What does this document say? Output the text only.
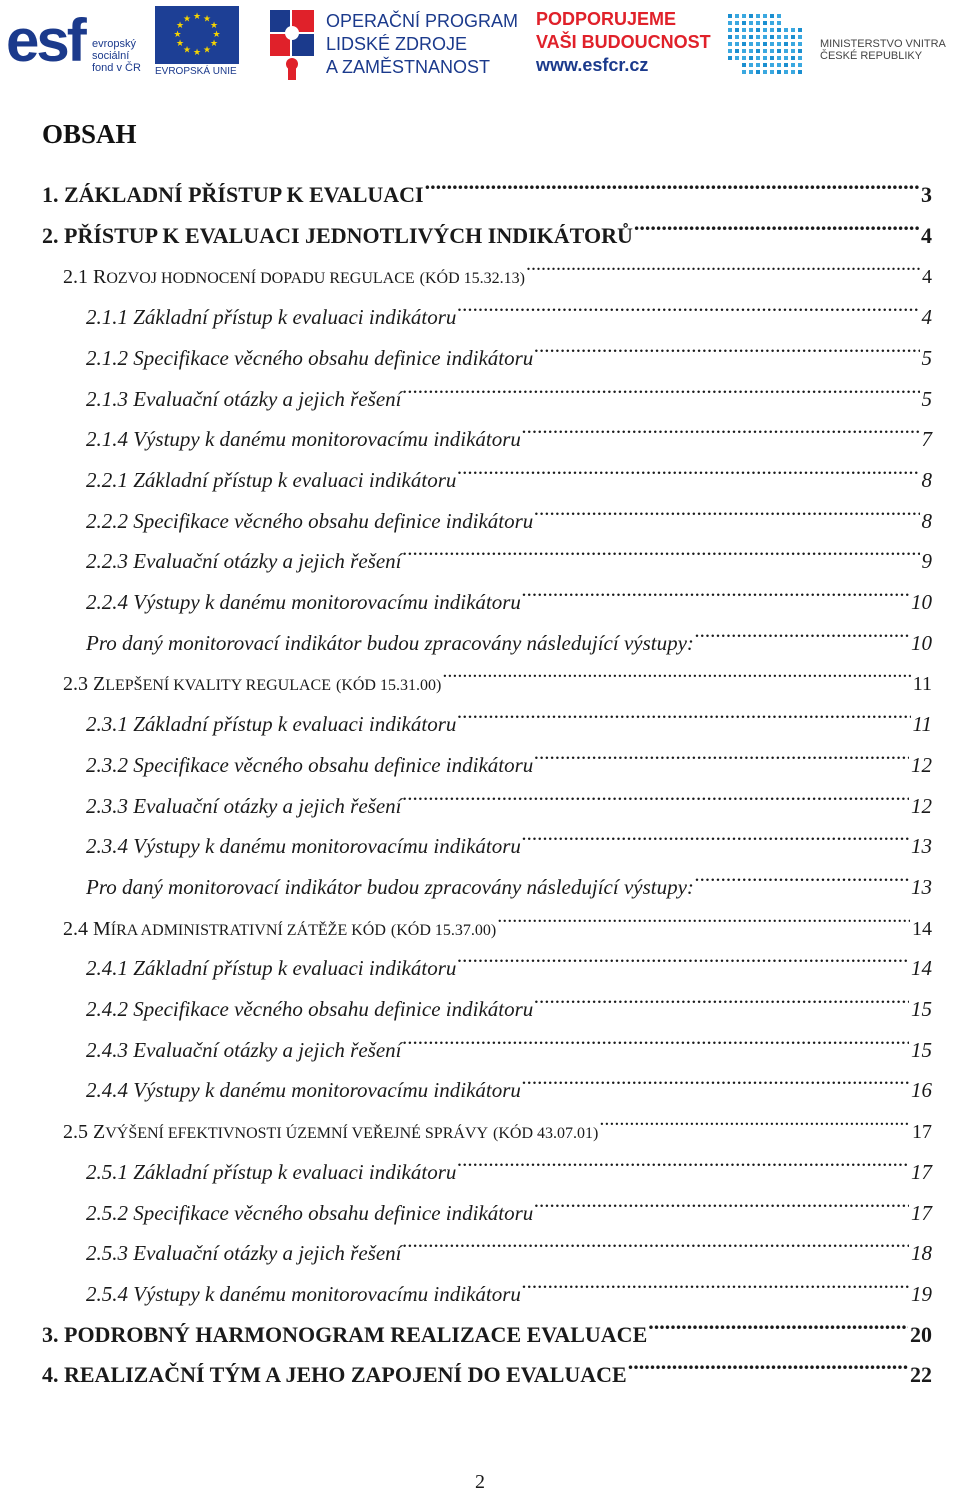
esf evropský
sociální
fond v ČR
★ ★
★
★
★
★
★
★
★
★
★
★
EVROPSKÁ UNIE
OPERAČNÍ PROGRAM
LIDSKÉ ZDROJE
A ZAMĚSTNANOST
PODPORUJEME
VAŠI BUDOUCNOST
www.esfcr.cz
MINISTERSTVO VNITRA
ČESKÉ REPUBLIKY
OBSAH
1. ZÁKLADNÍ PŘÍSTUP K EVALUACI .....	3
2. PŘÍSTUP K EVALUACI JEDNOTLIVÝCH INDIKÁTORŮ .....	4
2.1 ROZVOJ HODNOCENÍ DOPADU REGULACE (KÓD 15.32.13) .....	4
2.1.1 Základní přístup k evaluaci indikátoru .....	4
2.1.2 Specifikace věcného obsahu definice indikátoru .....	5
2.1.3 Evaluační otázky a jejich řešení .....	5
2.1.4 Výstupy k danému monitorovacímu indikátoru .....	7
2.2.1 Základní přístup k evaluaci indikátoru .....	8
2.2.2 Specifikace věcného obsahu definice indikátoru .....	8
2.2.3 Evaluační otázky a jejich řešení .....	9
2.2.4 Výstupy k danému monitorovacímu indikátoru .....	10
Pro daný monitorovací indikátor budou zpracovány následující výstupy: .....	10
2.3 ZLEPŠENÍ KVALITY REGULACE (KÓD 15.31.00) .....	11
2.3.1 Základní přístup k evaluaci indikátoru .....	11
2.3.2 Specifikace věcného obsahu definice indikátoru .....	12
2.3.3 Evaluační otázky a jejich řešení .....	12
2.3.4 Výstupy k danému monitorovacímu indikátoru .....	13
Pro daný monitorovací indikátor budou zpracovány následující výstupy: .....	13
2.4 MÍRA ADMINISTRATIVNÍ ZÁTĚŽE KÓD (KÓD 15.37.00) .....	14
2.4.1 Základní přístup k evaluaci indikátoru .....	14
2.4.2 Specifikace věcného obsahu definice indikátoru .....	15
2.4.3 Evaluační otázky a jejich řešení .....	15
2.4.4 Výstupy k danému monitorovacímu indikátoru .....	16
2.5 ZVÝŠENÍ EFEKTIVNOSTI ÚZEMNÍ VEŘEJNÉ SPRÁVY (KÓD 43.07.01) .....	17
2.5.1 Základní přístup k evaluaci indikátoru .....	17
2.5.2 Specifikace věcného obsahu definice indikátoru .....	17
2.5.3 Evaluační otázky a jejich řešení .....	18
2.5.4 Výstupy k danému monitorovacímu indikátoru .....	19
3. PODROBNÝ HARMONOGRAM REALIZACE EVALUACE .....	20
4. REALIZAČNÍ TÝM A JEHO ZAPOJENÍ DO EVALUACE .....	22
2
